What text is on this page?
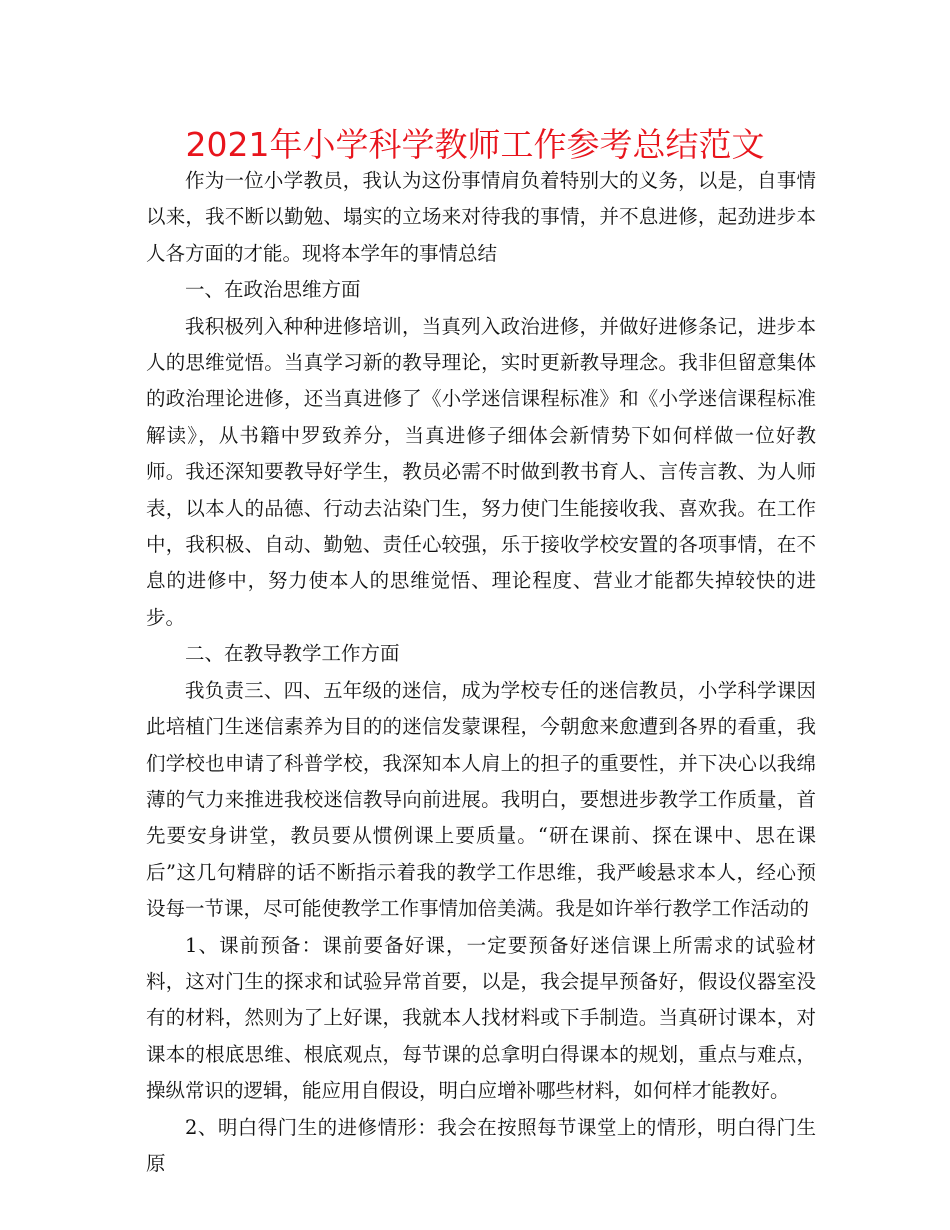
2021年小学科学教师工作参考总结范文

作为一位小学教员，我认为这份事情肩负着特别大的义务，以是，自事情以来，我不断以勤勉、塌实的立场来对待我的事情，并不息进修，起劲进步本人各方面的才能。现将本学年的事情总结

一、在政治思维方面

我积极列入种种进修培训，当真列入政治进修，并做好进修条记，进步本人的思维觉悟。当真学习新的教导理论，实时更新教导理念。我非但留意集体的政治理论进修，还当真进修了《小学迷信课程标准》和《小学迷信课程标准解读》，从书籍中罗致养分，当真进修子细体会新情势下如何样做一位好教师。我还深知要教导好学生，教员必需不时做到教书育人、言传言教、为人师表，以本人的品德、行动去沾染门生，努力使门生能接收我、喜欢我。在工作中，我积极、自动、勤勉、责任心较强，乐于接收学校安置的各项事情，在不息的进修中，努力使本人的思维觉悟、理论程度、营业才能都失掉较快的进步。

二、在教导教学工作方面

我负责三、四、五年级的迷信，成为学校专任的迷信教员，小学科学课因此培植门生迷信素养为目的的迷信发蒙课程，今朝愈来愈遭到各界的看重，我们学校也申请了科普学校，我深知本人肩上的担子的重要性，并下决心以我绵薄的气力来推进我校迷信教导向前进展。我明白，要想进步教学工作质量，首先要安身讲堂，教员要从惯例课上要质量。“研在课前、探在课中、思在课后”这几句精辟的话不断指示着我的教学工作思维，我严峻悬求本人，经心预设每一节课，尽可能使教学工作事情加倍美满。我是如许举行教学工作活动的

1、课前预备：课前要备好课，一定要预备好迷信课上所需求的试验材料，这对门生的探求和试验异常首要，以是，我会提早预备好，假设仪器室没有的材料，然则为了上好课，我就本人找材料或下手制造。当真研讨课本，对课本的根底思维、根底观点，每节课的总拿明白得课本的规划，重点与难点，操纵常识的逻辑，能应用自假设，明白应增补哪些材料，如何样才能教好。

2、明白得门生的进修情形：我会在按照每节课堂上的情形，明白得门生原
